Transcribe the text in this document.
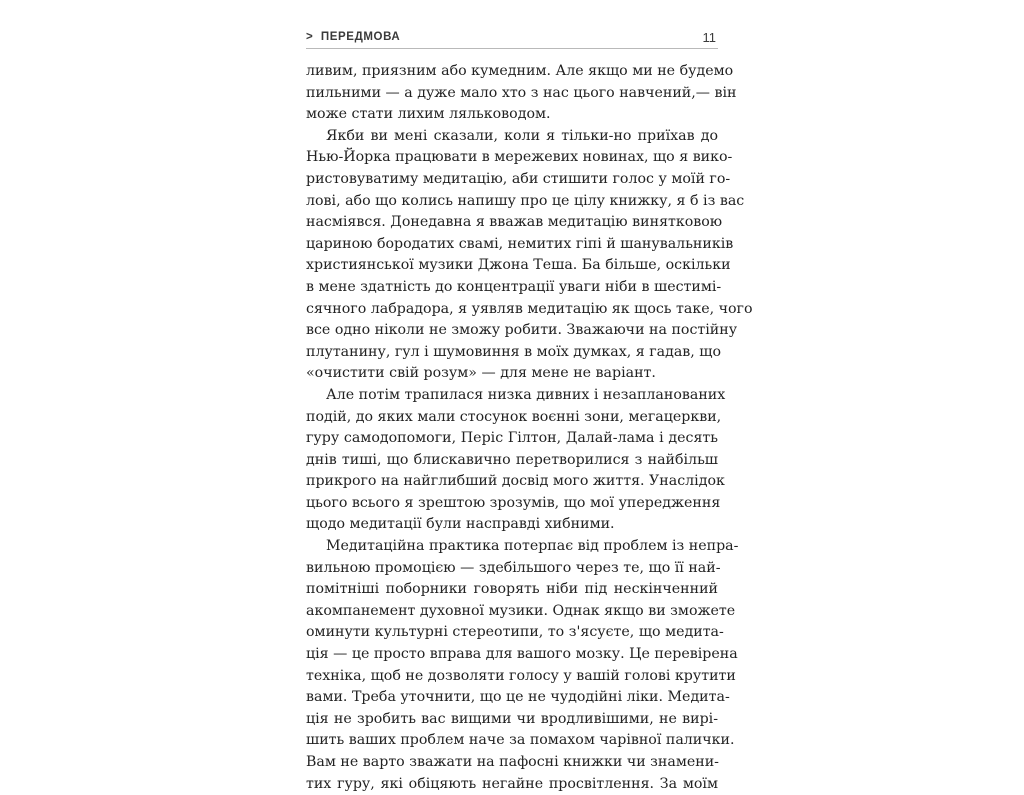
>  ПЕРЕДМОВА	11

ливим, приязним або кумедним. Але якщо ми не будемо
пильними — а дуже мало хто з нас цього навчений,— він
може стати лихим ляльководом.

Якби ви мені сказали, коли я тільки-но приїхав до
Нью-Йорка працювати в мережевих новинах, що я вико-
ристовуватиму медитацію, аби стишити голос у моїй го-
лові, або що колись напишу про це цілу книжку, я б із вас
насміявся. Донедавна я вважав медитацію винятковою
цариною бородатих свамі, немитих гіпі й шанувальників
християнської музики Джона Теша. Ба більше, оскільки
в мене здатність до концентрації уваги ніби в шестимі-
сячного лабрадора, я уявляв медитацію як щось таке, чого
все одно ніколи не зможу робити. Зважаючи на постійну
плутанину, гул і шумовиння в моїх думках, я гадав, що
«очистити свій розум» — для мене не варіант.

Але потім трапилася низка дивних і незапланованих
подій, до яких мали стосунок воєнні зони, мегацеркви,
гуру самодопомоги, Періс Гілтон, Далай-лама і десять
днів тиші, що блискавично перетворилися з найбільш
прикрого на найглибший досвід мого життя. Унаслідок
цього всього я зрештою зрозумів, що мої упередження
щодо медитації були насправді хибними.

Медитаційна практика потерпає від проблем із непра-
вильною промоцією — здебільшого через те, що її най-
помітніші поборники говорять ніби під нескінченний
акомпанемент духовної музики. Однак якщо ви зможете
оминути культурні стереотипи, то з'ясуєте, що медита-
ція — це просто вправа для вашого мозку. Це перевірена
техніка, щоб не дозволяти голосу у вашій голові крутити
вами. Треба уточнити, що це не чудодійні ліки. Медита-
ція не зробить вас вищими чи вродливішими, не вирі-
шить ваших проблем наче за помахом чарівної палички.
Вам не варто зважати на пафосні книжки чи знамени-
тих гуру, які обіцяють негайне просвітлення. За моїм
